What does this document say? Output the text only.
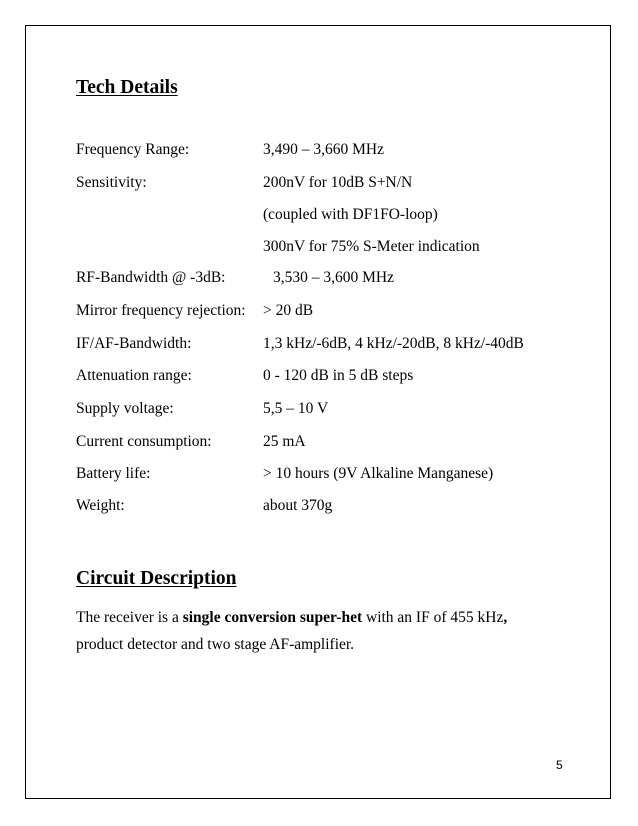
Tech Details
Frequency Range:	3,490 – 3,660 MHz
Sensitivity:	200nV for 10dB S+N/N
(coupled with DF1FO-loop)
300nV for 75% S-Meter indication
RF-Bandwidth @ -3dB:	3,530 – 3,600 MHz
Mirror frequency rejection: > 20 dB
IF/AF-Bandwidth:	1,3 kHz/-6dB, 4 kHz/-20dB, 8 kHz/-40dB
Attenuation range:	0 - 120 dB in 5 dB steps
Supply voltage:	5,5 – 10 V
Current consumption:	25 mA
Battery life:	> 10 hours (9V Alkaline Manganese)
Weight:	about 370g
Circuit Description
The receiver is a single conversion super-het with an IF of 455 kHz, product detector and two stage AF-amplifier.
5
